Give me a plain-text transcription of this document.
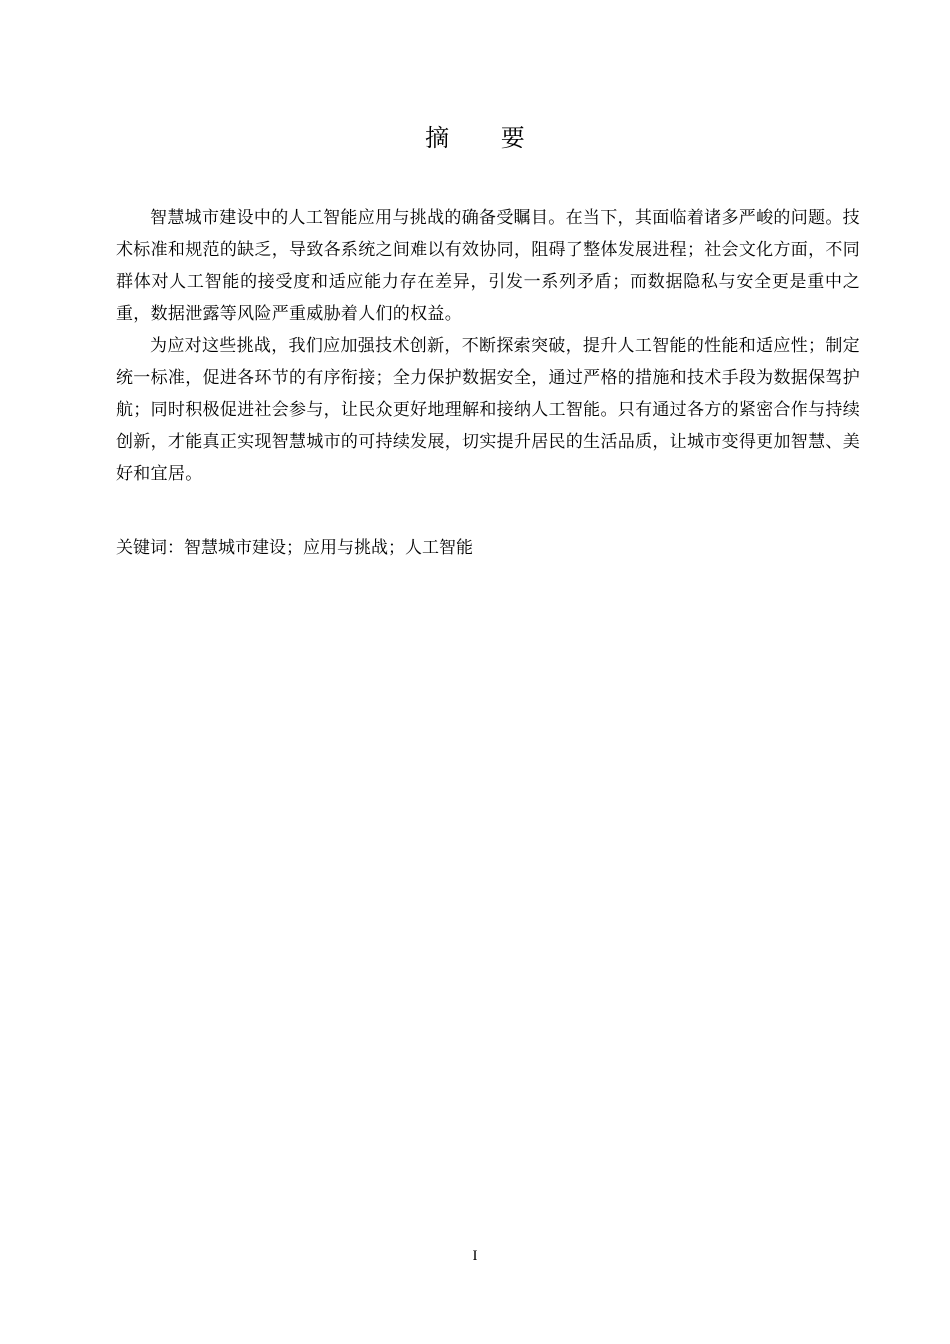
摘 要

智慧城市建设中的人工智能应用与挑战的确备受瞩目。在当下，其面临着诸多严峻的问题。技术标准和规范的缺乏，导致各系统之间难以有效协同，阻碍了整体发展进程；社会文化方面，不同群体对人工智能的接受度和适应能力存在差异，引发一系列矛盾；而数据隐私与安全更是重中之重，数据泄露等风险严重威胁着人们的权益。

为应对这些挑战，我们应加强技术创新，不断探索突破，提升人工智能的性能和适应性；制定统一标准，促进各环节的有序衔接；全力保护数据安全，通过严格的措施和技术手段为数据保驾护航；同时积极促进社会参与，让民众更好地理解和接纳人工智能。只有通过各方的紧密合作与持续创新，才能真正实现智慧城市的可持续发展，切实提升居民的生活品质，让城市变得更加智慧、美好和宜居。

关键词：智慧城市建设；应用与挑战；人工智能
I
